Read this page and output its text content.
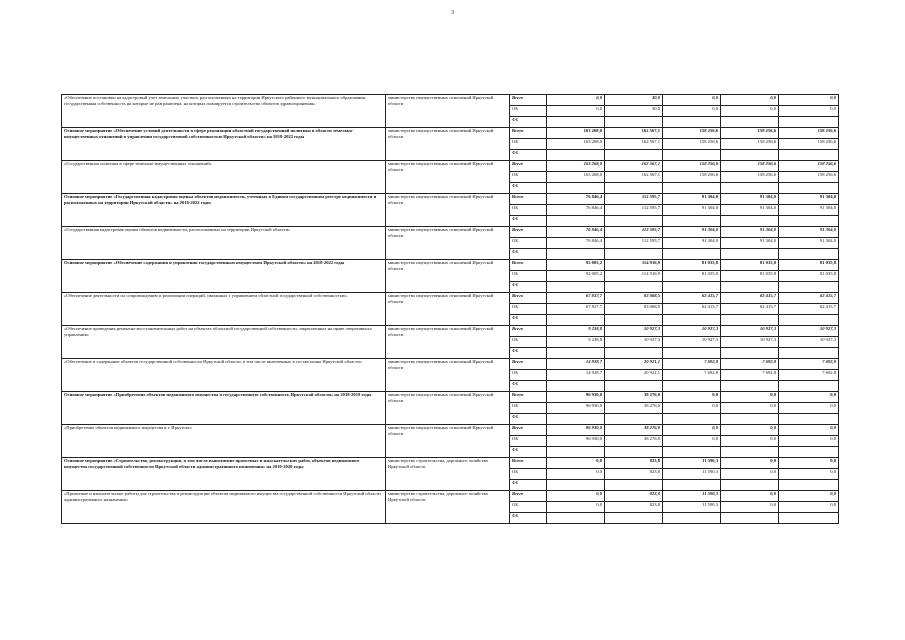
3
«Обеспечение постановки на кадастровый учет земельных участков, расположенных на территории Иркутского районного муниципального образования, государственная собственность на которые не разграничена, на которых планируется строительство объектов здравоохранения»	министерство имущественных отношений Иркутской области	Всего	0,0	30,0	0,0	0,0	0,0
		ОБ	0,0	30,0	0,0	0,0	0,0
		ФБ					
Основное мероприятие «Обеспечение условий деятельности в сфере реализации областной государственной политики в области земельно-имущественных отношений в управлении государственной собственностью Иркутской области» на 2018-2022 годы	министерство имущественных отношений Иркутской области	Всего	163 268,0	162 567,1	158 256,6	158 256,6	158 256,6
		ОБ	163 268,0	162 567,1	158 256,6	158 256,6	158 256,6
		ФБ					
«Государственная политика в сфере земельно-имущественных отношений»	министерство имущественных отношений Иркутской области	Всего	163 268,0	162 567,1	158 256,6	158 256,6	158 256,6
		ОБ	163 268,0	162 567,1	158 256,6	158 256,6	158 256,6
		ФБ					
Основное мероприятие «Государственная кадастровая оценка объектов недвижимости, учтенных в Едином государственном реестре недвижимости и расположенных на территории Иркутской области» на 2018-2022 годы	министерство имущественных отношений Иркутской области	Всего	76 846,4	112 595,7	91 304,0	91 304,0	91 304,0
		ОБ	76 846,4	112 595,7	91 304,0	91 304,0	91 304,0
		ФБ					
«Государственная кадастровая оценка объектов недвижимости, расположенных на территории Иркутской области»	министерство имущественных отношений Иркутской области	Всего	76 846,4	112 595,7	91 304,0	91 304,0	91 304,0
		ОБ	76 846,4	112 595,7	91 304,0	91 304,0	91 304,0
		ФБ					
Основное мероприятие «Обеспечение содержания и управления государственным имуществом Иркутской области» на 2018-2022 годы	министерство имущественных отношений Иркутской области	Всего	92 005,2	114 916,9	81 035,8	81 035,8	81 035,8
		ОБ	92 005,2	114 916,9	81 035,8	81 035,8	81 035,8
		ФБ					
«Обеспечение деятельности по сопровождению и реализации операций, связанных с управлением областной государственной собственностью»	министерство имущественных отношений Иркутской области	Всего	67 837,7	83 068,5	62 415,7	62 415,7	62 415,7
		ОБ	67 837,7	83 068,5	62 415,7	62 415,7	62 415,7
		ФБ					
«Обеспечение проведения ремонтно-восстановительных работ на объектах областной государственной собственности, закрепленных на праве оперативного управления»	министерство имущественных отношений Иркутской области	Всего	9 238,8	10 927,3	10 927,3	10 927,3	10 927,3
		ОБ	9 238,8	10 927,3	10 927,3	10 927,3	10 927,3
		ФБ					
«Обеспечение и содержание объектов государственной собственности Иркутской области, в том числе включенных в состав казны Иркутской области»	министерство имущественных отношений Иркутской области	Всего	14 928,7	20 921,1	7 692,8	7 692,8	7 692,8
		ОБ	14 928,7	20 921,1	7 692,8	7 692,8	7 692,8
		ФБ					
Основное мероприятие «Приобретение объектов недвижимого имущества в государственную собственность Иркутской области» на 2018-2019 годы	министерство имущественных отношений Иркутской области	Всего	96 930,0	38 276,0	0,0	0,0	0,0
		ОБ	96 930,0	38 276,0	0,0	0,0	0,0
		ФБ					
«Приобретение объектов недвижимого имущества в г. Иркутске»	министерство имущественных отношений Иркутской области	Всего	96 930,0	38 276,0	0,0	0,0	0,0
		ОБ	96 930,0	38 276,0	0,0	0,0	0,0
		ФБ					
Основное мероприятие «Строительство, реконструкция, в том числе выполнение проектных и изыскательских работ, объектов недвижимого имущества государственной собственности Иркутской области административного назначения» на 2019-2020 годы	министерство строительства, дорожного хозяйства Иркутской области	Всего	0,0	823,8	11 590,3	0,0	0,0
		ОБ	0,0	823,8	11 590,3	0,0	0,0
		ФБ					
«Проектные и изыскательские работы для строительства и реконструкции объектов недвижимого имущества государственной собственности Иркутской области административного назначения»	министерство строительства, дорожного хозяйства Иркутской области	Всего	0,0	823,8	11 590,3	0,0	0,0
		ОБ	0,0	823,8	11 590,3	0,0	0,0
		ФБ					
